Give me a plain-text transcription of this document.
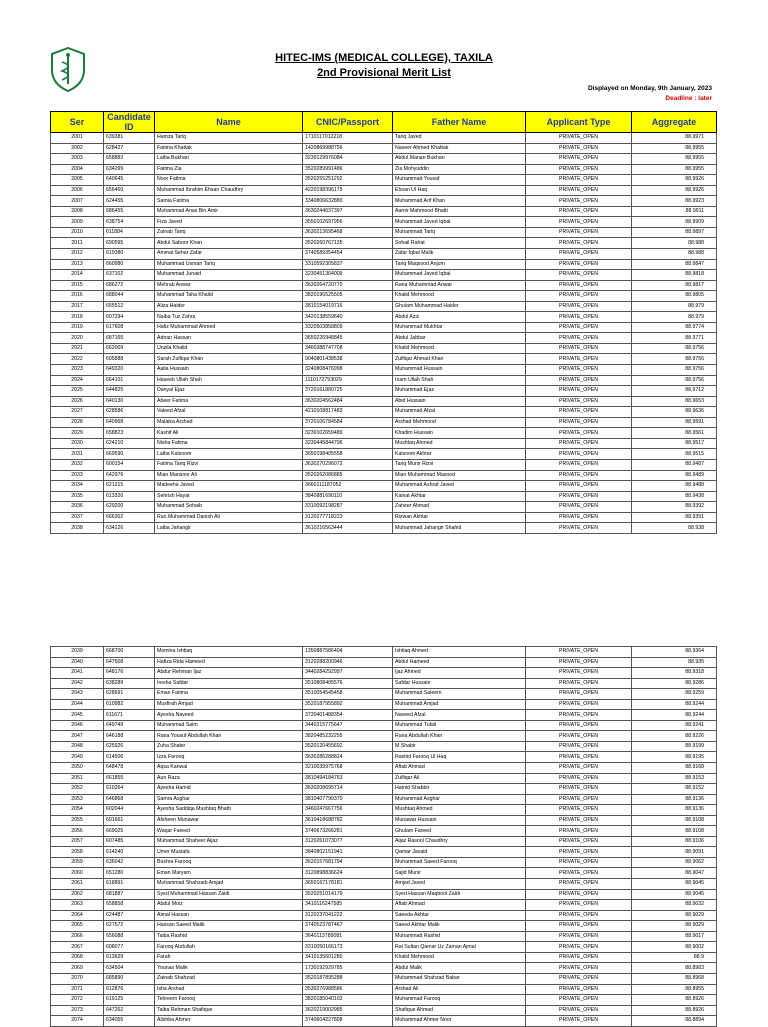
HITEC-IMS (MEDICAL COLLEGE), TAXILA
2nd Provisional Merit List
Displayed on Monday, 9th January, 2023
Deadline : later
Ser	Candidate ID	Name	CNIC/Passport	Father Name	Applicant Type	Aggregate
2001	639381	Hamza Tariq	1710117012218	Tariq Javed	PRIVATE_OPEN	88.9971
2002	628427	Fatima Khattak	1420869988756	Naseer Ahmed Khattak	PRIVATE_OPEN	88.9955
2003	658883	Laiba Bukhari	3230129976084	Abdul Manan Bukhari	PRIVATE_OPEN	88.9955
2004	634299	Fatima Zia	3520289991486	Zia Mohyuddin	PRIVATE_OPEN	88.9955
2005	640645	Noor Fatima	3520255251292	Muhammad Yousaf	PRIVATE_OPEN	88.9926
2006	656460	Muhammad Ibrahim Ehsan Chaudhry	4220198396175	Ehsan Ul Haq	PRIVATE_OPEN	88.9926
2007	624455	Samia Fatima	3340806632880	Muhammad Arif Khan	PRIVATE_OPEN	88.9923
2008	686455	Muhammad Anas Bin Amir	3630244637397	Aamir Mahmood Bhatti	PRIVATE_OPEN	88.9911
2009	638754	Fiza Javed	3550102697956	Muhammad Javed Iqbal	PRIVATE_OPEN	88.9909
2010	611884	Zainab Tariq	3630213695468	Muhammad Tariq	PRIVATE_OPEN	88.9897
2011	690595	Abdul Saboor Khan	3520260767135	Sohail Rahat	PRIVATE_OPEN	88.988
2012	619380	Ammal Sehar Zafar	3740589354454	Zafar Iqbal Malik	PRIVATE_OPEN	88.988
2013	660980	Muhammad Usman Tariq	3310592305837	Tariq Maqsood Anjum	PRIVATE_OPEN	88.9847
2014	637102	Muhammad Junaid	3230451364009	Muhammad Javed Iqbal	PRIVATE_OPEN	88.9818
2015	686272	Mehrab Anwar	3630264720770	Rana Muhammad Anwar	PRIVATE_OPEN	88.9817
2016	688044	Muhammad Taha Khalid	3820196525505	Khalid Mehmood	PRIVATE_OPEN	88.9805
2017	655512	Aliza Haider	3810154019716	Ghulam Muhammad Haider	PRIVATE_OPEN	88.979
2018	607294	Naiba Tuz Zahra	3420138559640	Abdul Aziz	PRIVATE_OPEN	88.979
2019	617608	Hafiz Muhammad Ahmed	3320503858809	Muhammad Mukhtar	PRIVATE_OPEN	88.9774
2020	687165	Adnan Hassan	3650226948845	Abdul Jabbar	PRIVATE_OPEN	88.9771
2021	662009	Unzila Khalid	3460388747708	Khalid Mehmood	PRIVATE_OPEN	88.9756
2022	605888	Sarah Zulfiqar Khan	9040801438538	Zulfiqar Ahmad Khan	PRIVATE_OPEN	88.9756
2023	649320	Aalia Hussain	3240808476998	Muhammad Hussain	PRIVATE_OPEN	88.9756
2024	664101	Haseeb Ullah Shah	1110172793029	Inam Ullah Shah	PRIVATE_OPEN	88.9756
2025	644825	Danyal Ejaz	3720161880725	Muhammad Ejaz	PRIVATE_OPEN	88.9712
2026	640130	Abeer Fatima	3630204562484	Abid Hussain	PRIVATE_OPEN	88.9653
2027	628586	Valeed Afzal	4210108817483	Muhammad Afzal	PRIVATE_OPEN	88.9636
2028	640968	Malaika Arshad	3720106784584	Arshad Mehmood	PRIVATE_OPEN	88.9591
2029	658823	Kashif Ali	3230102659489	Khadim Hussain	PRIVATE_OPEN	88.9561
2030	624210	Nisha Fatima	3230445844796	Mushtaq Ahmed	PRIVATE_OPEN	88.9517
2031	669590	Laiba Kalsoom	3650198405558	Kalsoom Akhtar	PRIVATE_OPEN	88.9515
2032	600154	Fatima Tariq Rizvi	3630270296072	Tariq Munir Rizvi	PRIVATE_OPEN	88.9487
2033	642976	Mian Mansoor Ali	3520262086885	Mian Muhammad Masood	PRIVATE_OPEN	88.9489
2034	621215	Madeeha Javed	3660111187052	Muhammad Ashraf Javed	PRIVATE_OPEN	88.9488
2035	613320	Sehrish Hayat	3840881690110	Kainat Akhtar	PRIVATE_OPEN	88.9438
2036	629200	Muhammad Sohaib	3310092198287	Zaheer Ahmad	PRIVATE_OPEN	88.9392
2037	666302	Rao Muhammad Danish Ali	3120277718223	Rizwan Akhtar	PRIVATE_OPEN	88.9391
2038	634226	Laiba Jahangir	3610216563444	Muhammad Jahangir Shahid	PRIVATE_OPEN	88.938
2039	668700	Momina Ishtiaq	1350887586404	Ishtiaq Ahmed	PRIVATE_OPEN	88.9364
2040	647508	Hafiza Rida Hameed	3120288200946	Abdul Hameed	PRIVATE_OPEN	88.935
2041	648176	Abdur Rehman Ijaz	3440284292997	Ijaz Ahmed	PRIVATE_OPEN	88.9318
2042	638289	Iresha Safdar	3510808405576	Safdar Hussain	PRIVATE_OPEN	88.9286
2043	628691	Eman Fatima	3510054545458	Muhammad Saleem	PRIVATE_OPEN	88.9259
2044	610982	Musfirah Amjad	3520187955892	Muhammad Amjad	PRIVATE_OPEN	88.9244
2045	611671	Ayesha Naveed	3720401488354	Naveed Afzal	PRIVATE_OPEN	88.9244
2046	649749	Muhammad Saim	3440215775647	Muhammad Tufail	PRIVATE_OPEN	88.9241
2047	646188	Rana Yousuf Abdullah Khan	3820485232255	Rana Abdullah Khan	PRIVATE_OPEN	88.9226
2048	625926	Zuha Shabir	3520120455692	M.Shabir	PRIVATE_OPEN	88.9199
2049	614506	Izza Farooq	3630286288824	Rashid Farooq Ul Haq	PRIVATE_OPEN	88.9195
2050	648478	Aqsa Kanwal	3210039975768	Aftab Ahmad	PRIVATE_OPEN	88.9168
2051	661855	Aun Raza	3810494184763	Zulfiqar Ali	PRIVATE_OPEN	88.9153
2052	610264	Ayesha Hamid	3630208695714	Hamid Shabbir	PRIVATE_OPEN	88.9152
2053	646868	Samra Asghar	3810407799370	Muhammad Asghar	PRIVATE_OPEN	88.9136
2054	602044	Ayesha Saddiqa Mushtaq Bhatti	3460247667756	Mushtaq Ahmed	PRIVATE_OPEN	88.9136
2055	691661	Afsheen Munawar	3610418688782	Munawar Hussain	PRIVATE_OPEN	88.9108
2056	669025	Waqar Fareed	3740673266281	Ghulam Fareed	PRIVATE_OPEN	88.9108
2057	607485	Muhammad Shaheer Aijaz	3120261073077	Aijaz Rasool Chaudhry	PRIVATE_OPEN	88.9106
2058	614240	Umer Mustafa	3840802151941	Qamar Javaid	PRIVATE_OPEN	88.9091
2059	636042	Bushra Farooq	3620157681794	Muhammad Saeed Farooq	PRIVATE_OPEN	88.9062
2060	651280	Eman Maryam	3120898836624	Sajid Munir	PRIVATE_OPEN	88.9047
2061	618891	Muhammad Shahzaib Amjad	3650167178181	Amjad Javed	PRIVATE_OPEN	88.9045
2062	681887	Syed Muhammad Hassan Zaidi	3520251014179	Syed Hassan Maqbool Zaidi	PRIVATE_OPEN	88.9045
2063	658858	Abdul Moiz	3410116247585	Aftab Ahmad	PRIVATE_OPEN	88.9032
2064	624487	Aimal Hassan	3120237041222	Saeeda Akhtar	PRIVATE_OPEN	88.9029
2065	627572	Hassan Saeed Malik	3740523787467	Saeed Akhtar Malik	PRIVATE_OPEN	88.9029
2066	656088	Taiba Rashid	3640113789081	Muhammad Rashid	PRIVATE_OPEN	88.9017
2067	608077	Farooq Abdullah	3310050166173	Rai Sultan Qamar Uz Zaman Ajmal	PRIVATE_OPEN	88.9002
2068	613629	Farah	3410135601280	Khalid Mehmood	PRIVATE_OPEN	88.9
2069	634504	Younas Malik	1730192929785	Abdul Malik	PRIVATE_OPEN	88.8983
2070	685890	Zainab Shahzad	3520187895288	Muhammad Shahzad Babar	PRIVATE_OPEN	88.8968
2071	612876	Isha Arshad	3530276988586	Arshad Ali	PRIVATE_OPEN	88.8955
2072	619125	Tehreem Farooq	3820185040102	Muhammad Farooq	PRIVATE_OPEN	88.8926
2073	647262	Taiba Rehman Shafique	3620219002985	Shafique Ahmad	PRIVATE_OPEN	88.8926
2074	634055	Alishba Ahmer	3740604227808	Muhammad Ahmer Noor	PRIVATE_OPEN	88.8894
